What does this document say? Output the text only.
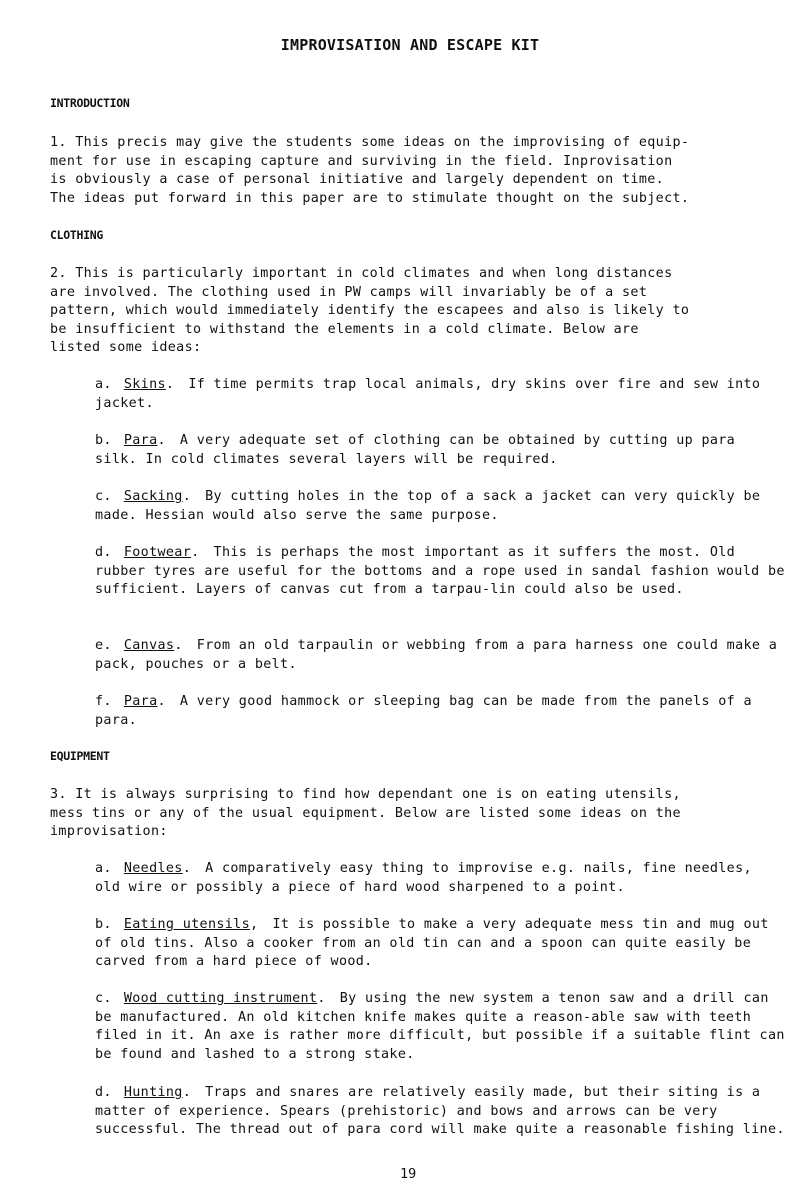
IMPROVISATION AND ESCAPE KIT
INTRODUCTION
1. This precis may give the students some ideas on the improvising of equip-
ment for use in escaping capture and surviving in the field. Inprovisation
is obviously a case of personal initiative and largely dependent on time.
The ideas put forward in this paper are to stimulate thought on the subject.
CLOTHING
2. This is particularly important in cold climates and when long distances
are involved. The clothing used in PW camps will invariably be of a set
pattern, which would immediately identify the escapees and also is likely to
be insufficient to withstand the elements in a cold climate. Below are
listed some ideas:
a. Skins. If time permits trap local animals, dry skins over fire and sew into jacket.
b. Para. A very adequate set of clothing can be obtained by cutting up para silk. In cold climates several layers will be required.
c. Sacking. By cutting holes in the top of a sack a jacket can very quickly be made. Hessian would also serve the same purpose.
d. Footwear. This is perhaps the most important as it suffers the most. Old rubber tyres are useful for the bottoms and a rope used in sandal fashion would be sufficient. Layers of canvas cut from a tarpau-lin could also be used.
e. Canvas. From an old tarpaulin or webbing from a para harness one could make a pack, pouches or a belt.
f. Para. A very good hammock or sleeping bag can be made from the panels of a para.
EQUIPMENT
3. It is always surprising to find how dependant one is on eating utensils,
mess tins or any of the usual equipment. Below are listed some ideas on the
improvisation:
a. Needles. A comparatively easy thing to improvise e.g. nails, fine needles, old wire or possibly a piece of hard wood sharpened to a point.
b. Eating utensils, It is possible to make a very adequate mess tin and mug out of old tins. Also a cooker from an old tin can and a spoon can quite easily be carved from a hard piece of wood.
c. Wood cutting instrument. By using the new system a tenon saw and a drill can be manufactured. An old kitchen knife makes quite a reason-able saw with teeth filed in it. An axe is rather more difficult, but possible if a suitable flint can be found and lashed to a strong stake.
d. Hunting. Traps and snares are relatively easily made, but their siting is a matter of experience. Spears (prehistoric) and bows and arrows can be very successful. The thread out of para cord will make quite a reasonable fishing line.
19
